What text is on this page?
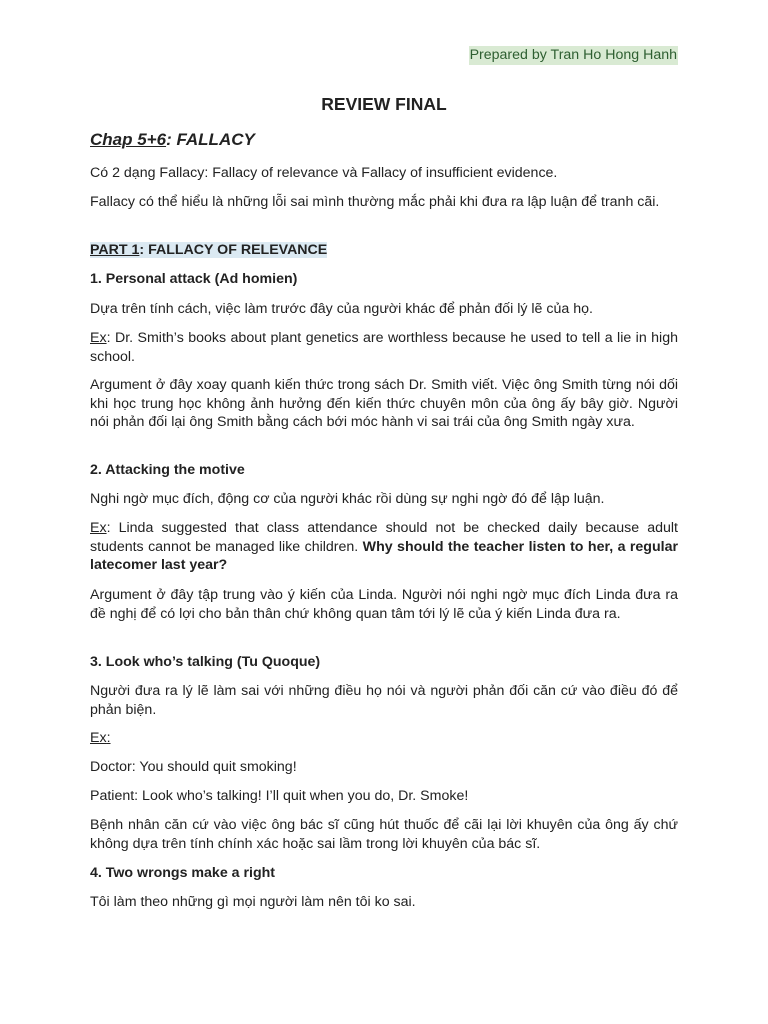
Prepared by Tran Ho Hong Hanh
REVIEW FINAL
Chap 5+6: FALLACY

Có 2 dạng Fallacy: Fallacy of relevance và Fallacy of insufficient evidence.

Fallacy có thể hiểu là những lỗi sai mình thường mắc phải khi đưa ra lập luận để tranh cãi.

PART 1: FALLACY OF RELEVANCE

1. Personal attack (Ad homien)

Dựa trên tính cách, việc làm trước đây của người khác để phản đối lý lẽ của họ.

Ex: Dr. Smith’s books about plant genetics are worthless because he used to tell a lie in high school.

Argument ở đây xoay quanh kiến thức trong sách Dr. Smith viết. Việc ông Smith từng nói dối khi học trung học không ảnh hưởng đến kiến thức chuyên môn của ông ấy bây giờ. Người nói phản đối lại ông Smith bằng cách bới móc hành vi sai trái của ông Smith ngày xưa.

2. Attacking the motive

Nghi ngờ mục đích, động cơ của người khác rồi dùng sự nghi ngờ đó để lập luận.

Ex: Linda suggested that class attendance should not be checked daily because adult students cannot be managed like children. Why should the teacher listen to her, a regular latecomer last year?

Argument ở đây tập trung vào ý kiến của Linda. Người nói nghi ngờ mục đích Linda đưa ra đề nghị để có lợi cho bản thân chứ không quan tâm tới lý lẽ của ý kiến Linda đưa ra.

3. Look who’s talking (Tu Quoque)

Người đưa ra lý lẽ làm sai với những điều họ nói và người phản đối căn cứ vào điều đó để phản biện.

Ex:

Doctor: You should quit smoking!

Patient: Look who’s talking! I’ll quit when you do, Dr. Smoke!

Bệnh nhân căn cứ vào việc ông bác sĩ cũng hút thuốc để cãi lại lời khuyên của ông ấy chứ không dựa trên tính chính xác hoặc sai lầm trong lời khuyên của bác sĩ.

4. Two wrongs make a right

Tôi làm theo những gì mọi người làm nên tôi ko sai.
